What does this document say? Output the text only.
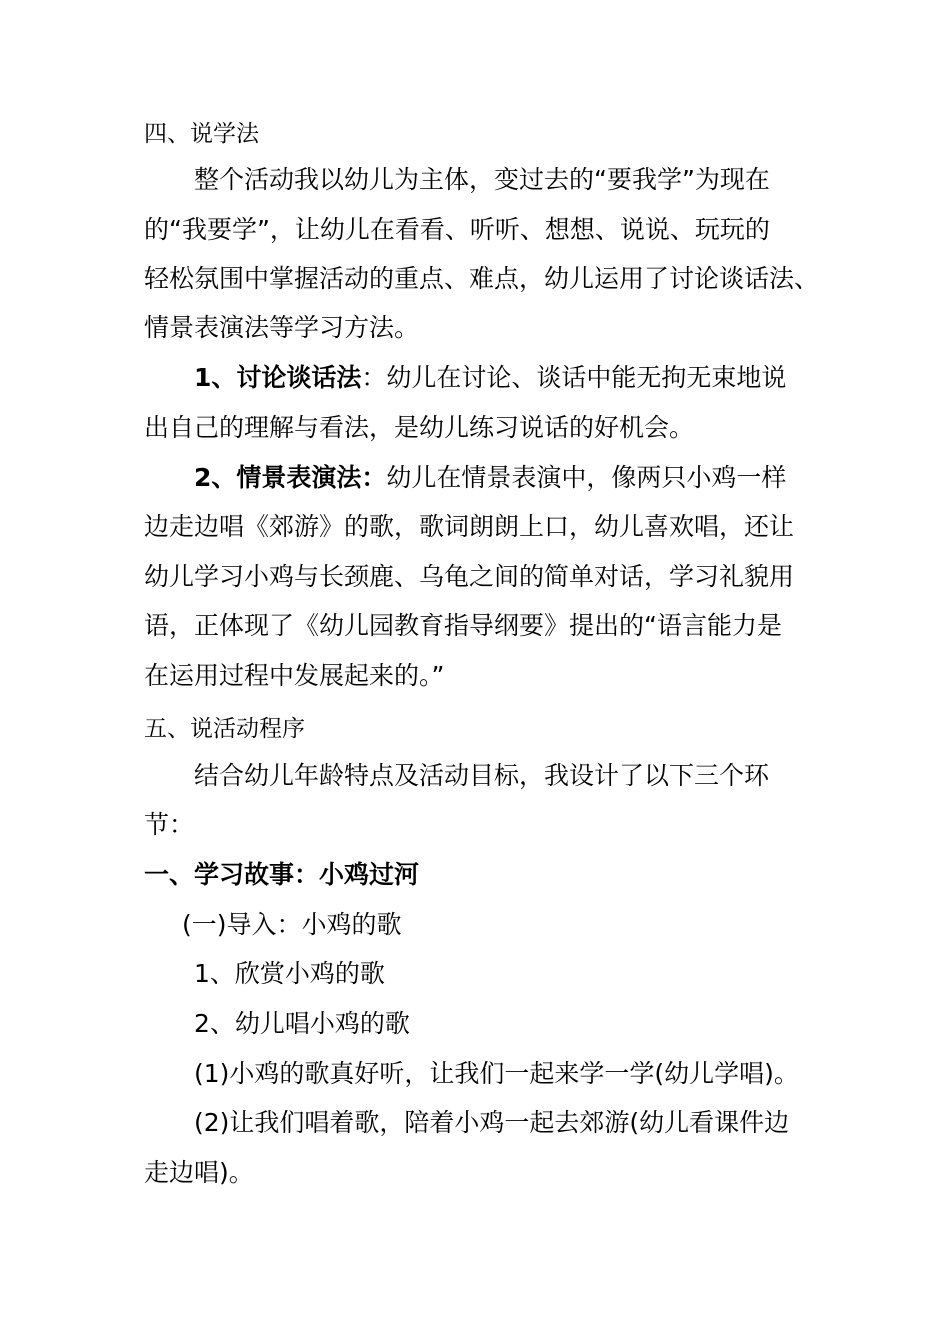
四、说学法

整个活动我以幼儿为主体，变过去的“要我学”为现在

的“我要学”，让幼儿在看看、听听、想想、说说、玩玩的

轻松氛围中掌握活动的重点、难点，幼儿运用了讨论谈话法、

情景表演法等学习方法。

1、讨论谈话法：幼儿在讨论、谈话中能无拘无束地说

出自己的理解与看法，是幼儿练习说话的好机会。

2、情景表演法：幼儿在情景表演中，像两只小鸡一样

边走边唱《郊游》的歌，歌词朗朗上口，幼儿喜欢唱，还让

幼儿学习小鸡与长颈鹿、乌龟之间的简单对话，学习礼貌用

语，正体现了《幼儿园教育指导纲要》提出的“语言能力是

在运用过程中发展起来的。”

五、说活动程序

结合幼儿年龄特点及活动目标，我设计了以下三个环

节：

一、学习故事：小鸡过河

(一)导入：小鸡的歌

1、欣赏小鸡的歌

2、幼儿唱小鸡的歌

(1)小鸡的歌真好听，让我们一起来学一学(幼儿学唱)。

(2)让我们唱着歌，陪着小鸡一起去郊游(幼儿看课件边

走边唱)。
